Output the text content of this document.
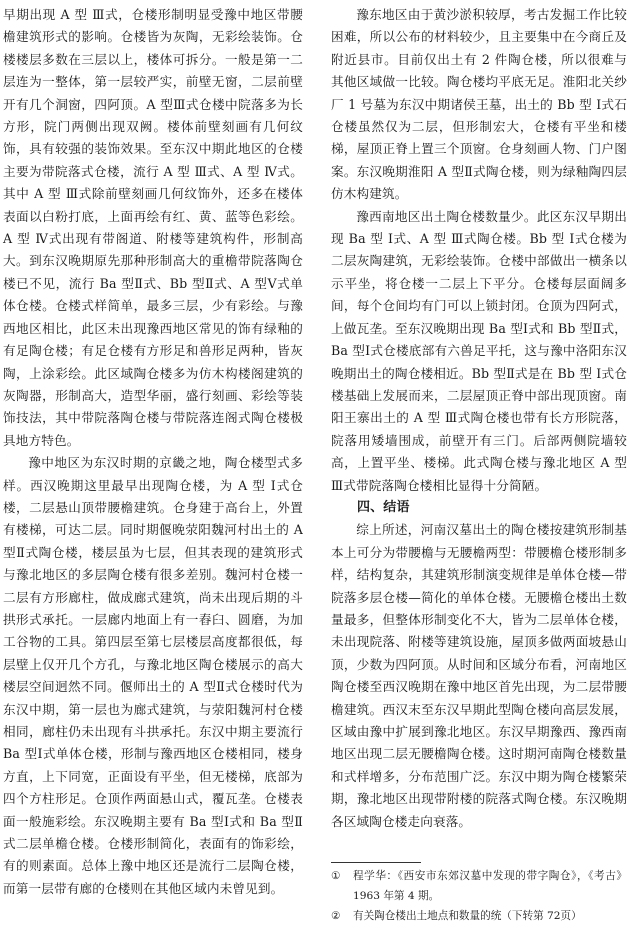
早期出现 A 型 Ⅲ式，仓楼形制明显受豫中地区带腰檐建筑形式的影响。仓楼皆为灰陶，无彩绘装饰。仓楼楼层多数在三层以上，楼体可拆分。一般是第一二层连为一整体，第一层较严实，前壁无窗，二层前壁开有几个洞窗，四阿顶。A 型Ⅲ式仓楼中院落多为长方形，院门两侧出现双阙。楼体前壁刻画有几何纹饰，具有较强的装饰效果。至东汉中期此地区的仓楼主要为带院落式仓楼，流行 A 型 Ⅲ式、A 型 Ⅳ式。其中 A 型 Ⅲ式除前壁刻画几何纹饰外，还多在楼体表面以白粉打底，上面再绘有红、黄、蓝等色彩绘。A 型 Ⅳ式出现有带阁道、附楼等建筑构件，形制高大。到东汉晚期原先那种形制高大的重檐带院落陶仓楼已不见，流行 Ba 型Ⅱ式、Bb 型Ⅱ式、A 型Ⅴ式单体仓楼。仓楼式样简单，最多三层，少有彩绘。与豫西地区相比，此区未出现豫西地区常见的饰有绿釉的有足陶仓楼；有足仓楼有方形足和兽形足两种，皆灰陶，上涂彩绘。此区域陶仓楼多为仿木构楼阁建筑的灰陶器，形制高大，造型华丽，盛行刻画、彩绘等装饰技法，其中带院落陶仓楼与带院落连阁式陶仓楼极具地方特色。

豫中地区为东汉时期的京畿之地，陶仓楼型式多样。西汉晚期这里最早出现陶仓楼，为 A 型 Ⅰ式仓楼，二层悬山顶带腰檐建筑。仓身建于高台上，外置有楼梯，可达二层。同时期偃晚荥阳魏河村出土的 A 型Ⅱ式陶仓楼，楼层虽为七层，但其表现的建筑形式与豫北地区的多层陶仓楼有很多差别。魏河村仓楼一二层有方形廊柱，做成廊式建筑，尚未出现后期的斗拱形式承托。一层廊内地面上有一舂臼、圆磨，为加工谷物的工具。第四层至第七层楼层高度都很低，每层壁上仅开几个方孔，与豫北地区陶仓楼展示的高大楼层空间迥然不同。偃师出土的 A 型Ⅱ式仓楼时代为东汉中期，第一层也为廊式建筑，与荥阳魏河村仓楼相同，廊柱仍未出现有斗拱承托。东汉中期主要流行 Ba 型Ⅰ式单体仓楼，形制与豫西地区仓楼相同，楼身方直，上下同宽，正面设有平坐，但无楼梯，底部为四个方柱形足。仓顶作两面悬山式，覆瓦垄。仓楼表面一般施彩绘。东汉晚期主要有 Ba 型Ⅰ式和 Ba 型Ⅱ式二层单檐仓楼。仓楼形制简化，表面有的饰彩绘，有的则素面。总体上豫中地区还是流行二层陶仓楼，而第一层带有廊的仓楼则在其他区域内未曾见到。

豫东地区由于黄沙淤积较厚，考古发掘工作比较困难，所以公布的材料较少，且主要集中在今商丘及附近县市。目前仅出土有 2 件陶仓楼，所以很难与其他区域做一比较。陶仓楼均平底无足。淮阳北关纱厂 1 号墓为东汉中期诸侯王墓，出土的 Bb 型 Ⅰ式石仓楼虽然仅为二层，但形制宏大，仓楼有平坐和楼梯，屋顶正脊上置三个顶窗。仓身刻画人物、门户图案。东汉晚期淮阳 A 型Ⅱ式陶仓楼，则为绿釉陶四层仿木构建筑。

豫西南地区出土陶仓楼数量少。此区东汉早期出现 Ba 型 Ⅰ式、A 型 Ⅲ式陶仓楼。Bb 型 Ⅰ式仓楼为二层灰陶建筑，无彩绘装饰。仓楼中部做出一横条以示平坐，将仓楼一二层上下平分。仓楼每层面阔多间，每个仓间均有门可以上锁封闭。仓顶为四阿式，上做瓦垄。至东汉晚期出现 Ba 型Ⅰ式和 Bb 型Ⅱ式，Ba 型Ⅰ式仓楼底部有六兽足平托，这与豫中洛阳东汉晚期出土的陶仓楼相近。Bb 型Ⅱ式是在 Bb 型 Ⅰ式仓楼基础上发展而来，二层屋顶正脊中部出现顶窗。南阳王寨出土的 A 型 Ⅲ式陶仓楼也带有长方形院落，院落用矮墙围成，前壁开有三门。后部两侧院墙较高，上置平坐、楼梯。此式陶仓楼与豫北地区 A 型 Ⅲ式带院落陶仓楼相比显得十分简陋。

四、结语

综上所述，河南汉墓出土的陶仓楼按建筑形制基本上可分为带腰檐与无腰檐两型：带腰檐仓楼形制多样，结构复杂，其建筑形制演变规律是单体仓楼—带院落多层仓楼—简化的单体仓楼。无腰檐仓楼出土数量最多，但整体形制变化不大，皆为二层单体仓楼，未出现院落、附楼等建筑设施，屋顶多做两面坡悬山顶，少数为四阿顶。从时间和区域分布看，河南地区陶仓楼至西汉晚期在豫中地区首先出现，为二层带腰檐建筑。西汉末至东汉早期此型陶仓楼向高层发展，区域由豫中扩展到豫北地区。东汉早期豫西、豫西南地区出现二层无腰檐陶仓楼。这时期河南陶仓楼数量和式样增多，分布范围广泛。东汉中期为陶仓楼繁荣期，豫北地区出现带附楼的院落式陶仓楼。东汉晚期各区域陶仓楼走向衰落。

①	程学华：《西安市东郊汉墓中发现的带字陶仓》，《考古》1963 年第 4 期。
②	有关陶仓楼出土地点和数量的统（下转第 72页）
